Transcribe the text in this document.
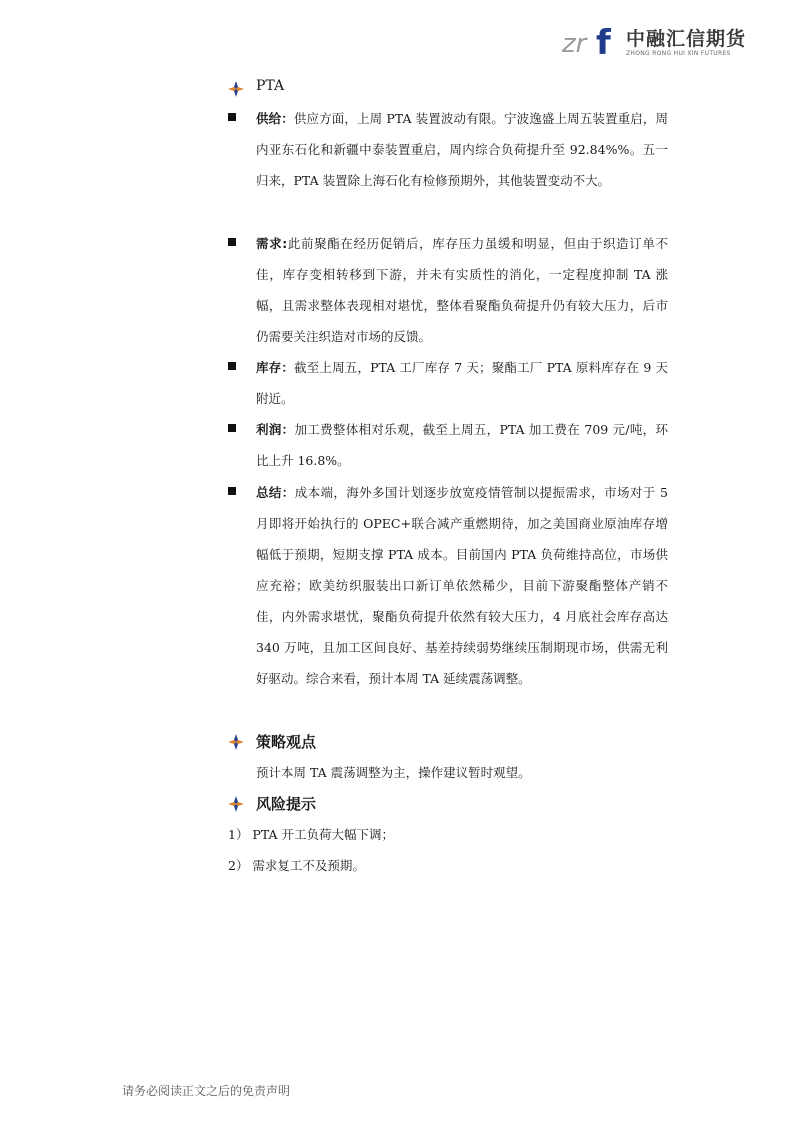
zr f 中融汇信期货
ZHONG RONG HUI XIN FUTURES
PTA
供给：供应方面，上周 PTA 装置波动有限。宁波逸盛上周五装置重启，周内亚东石化和新疆中泰装置重启，周内综合负荷提升至 92.84%%。五一归来，PTA 装置除上海石化有检修预期外，其他装置变动不大。
需求:此前聚酯在经历促销后，库存压力虽缓和明显，但由于织造订单不佳，库存变相转移到下游，并未有实质性的消化，一定程度抑制 TA 涨幅，且需求整体表现相对堪忧，整体看聚酯负荷提升仍有较大压力，后市仍需要关注织造对市场的反馈。
库存：截至上周五，PTA 工厂库存 7 天；聚酯工厂 PTA 原料库存在 9 天附近。
利润：加工费整体相对乐观，截至上周五，PTA 加工费在 709 元/吨，环比上升 16.8%。
总结：成本端，海外多国计划逐步放宽疫情管制以提振需求，市场对于 5 月即将开始执行的 OPEC+联合减产重燃期待，加之美国商业原油库存增幅低于预期，短期支撑 PTA 成本。目前国内 PTA 负荷维持高位，市场供应充裕；欧美纺织服装出口新订单依然稀少，目前下游聚酯整体产销不佳，内外需求堪忧，聚酯负荷提升依然有较大压力，4 月底社会库存高达 340 万吨，且加工区间良好、基差持续弱势继续压制期现市场，供需无利好驱动。综合来看，预计本周 TA 延续震荡调整。
策略观点
预计本周 TA 震荡调整为主，操作建议暂时观望。
风险提示
1） PTA 开工负荷大幅下调；
2） 需求复工不及预期。
请务必阅读正文之后的免责声明
